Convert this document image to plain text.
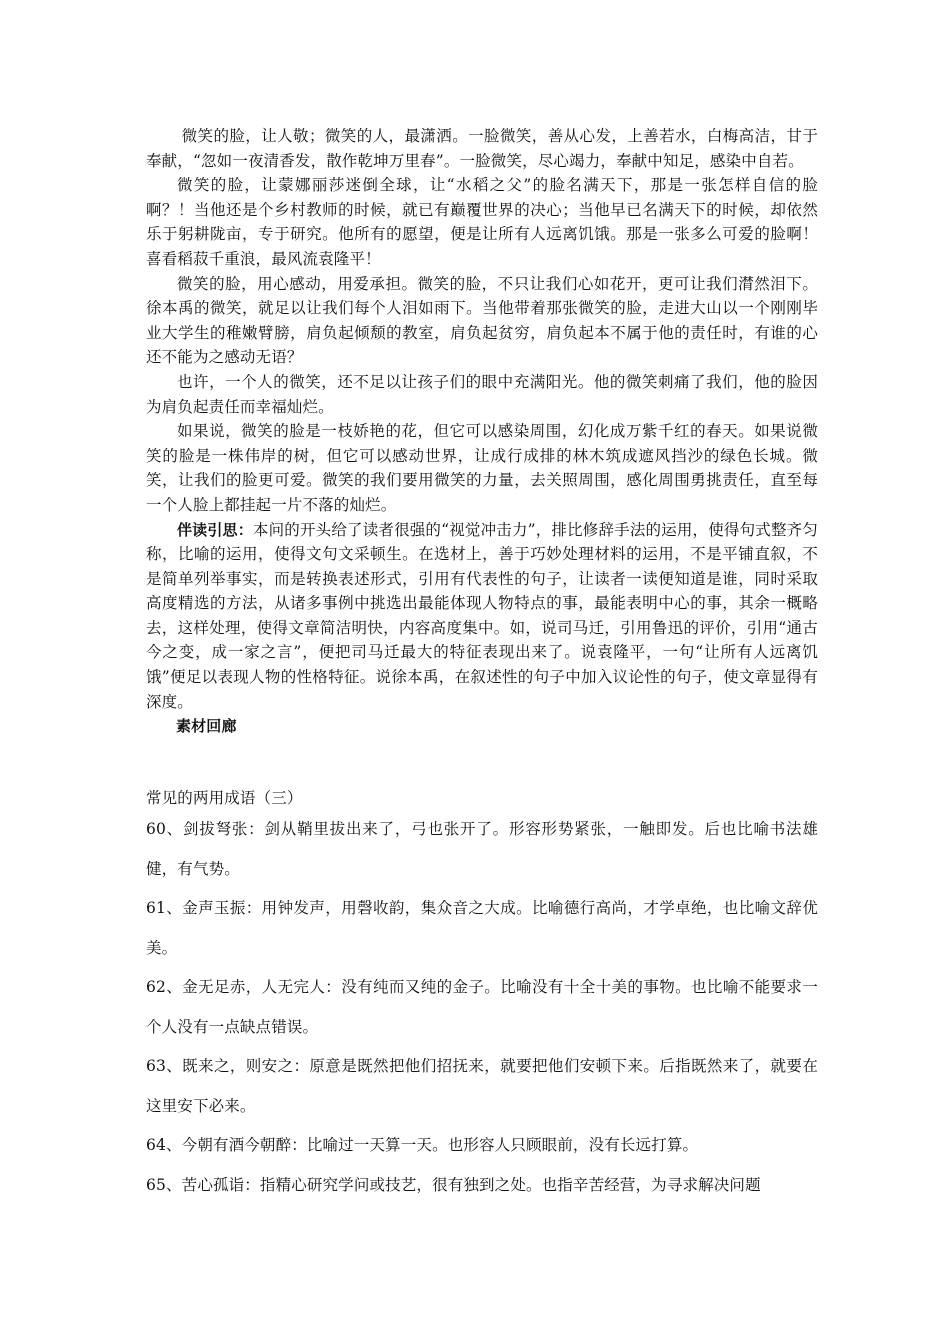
微笑的脸，让人敬；微笑的人，最潇洒。一脸微笑，善从心发，上善若水，白梅高洁，甘于奉献，“忽如一夜清香发，散作乾坤万里春”。一脸微笑，尽心竭力，奉献中知足，感染中自若。

微笑的脸，让蒙娜丽莎迷倒全球，让“水稻之父”的脸名满天下，那是一张怎样自信的脸啊？！当他还是个乡村教师的时候，就已有巅覆世界的决心；当他早已名满天下的时候，却依然乐于躬耕陇亩，专于研究。他所有的愿望，便是让所有人远离饥饿。那是一张多么可爱的脸啊！喜看稻菽千重浪，最风流袁隆平！

微笑的脸，用心感动，用爱承担。微笑的脸，不只让我们心如花开，更可让我们潸然泪下。徐本禹的微笑，就足以让我们每个人泪如雨下。当他带着那张微笑的脸，走进大山以一个刚刚毕业大学生的稚嫩臂膀，肩负起倾颓的教室，肩负起贫穷，肩负起本不属于他的责任时，有谁的心还不能为之感动无语？

也许，一个人的微笑，还不足以让孩子们的眼中充满阳光。他的微笑刺痛了我们，他的脸因为肩负起责任而幸福灿烂。

如果说，微笑的脸是一枝娇艳的花，但它可以感染周围，幻化成万紫千红的春天。如果说微笑的脸是一株伟岸的树，但它可以感动世界，让成行成排的林木筑成遮风挡沙的绿色长城。微笑，让我们的脸更可爱。微笑的我们要用微笑的力量，去关照周围，感化周围勇挑责任，直至每一个人脸上都挂起一片不落的灿烂。

伴读引思：本问的开头给了读者很强的“视觉冲击力”，排比修辞手法的运用，使得句式整齐匀称，比喻的运用，使得文句文采顿生。在选材上，善于巧妙处理材料的运用，不是平铺直叙，不是简单列举事实，而是转换表述形式，引用有代表性的句子，让读者一读便知道是谁，同时采取高度精选的方法，从诸多事例中挑选出最能体现人物特点的事，最能表明中心的事，其余一概略去，这样处理，使得文章简洁明快，内容高度集中。如，说司马迁，引用鲁迅的评价，引用“通古今之变，成一家之言”，便把司马迁最大的特征表现出来了。说袁隆平，一句“让所有人远离饥饿”便足以表现人物的性格特征。说徐本禹，在叙述性的句子中加入议论性的句子，使文章显得有深度。

素材回廊

常见的两用成语（三）

60、剑拔弩张：剑从鞘里拔出来了，弓也张开了。形容形势紧张，一触即发。后也比喻书法雄健，有气势。

61、金声玉振：用钟发声，用磬收韵，集众音之大成。比喻德行高尚，才学卓绝，也比喻文辞优美。

62、金无足赤，人无完人：没有纯而又纯的金子。比喻没有十全十美的事物。也比喻不能要求一个人没有一点缺点错误。

63、既来之，则安之：原意是既然把他们招抚来，就要把他们安顿下来。后指既然来了，就要在这里安下必来。

64、今朝有酒今朝醉：比喻过一天算一天。也形容人只顾眼前，没有长远打算。

65、苦心孤诣：指精心研究学问或技艺，很有独到之处。也指辛苦经营，为寻求解决问题
